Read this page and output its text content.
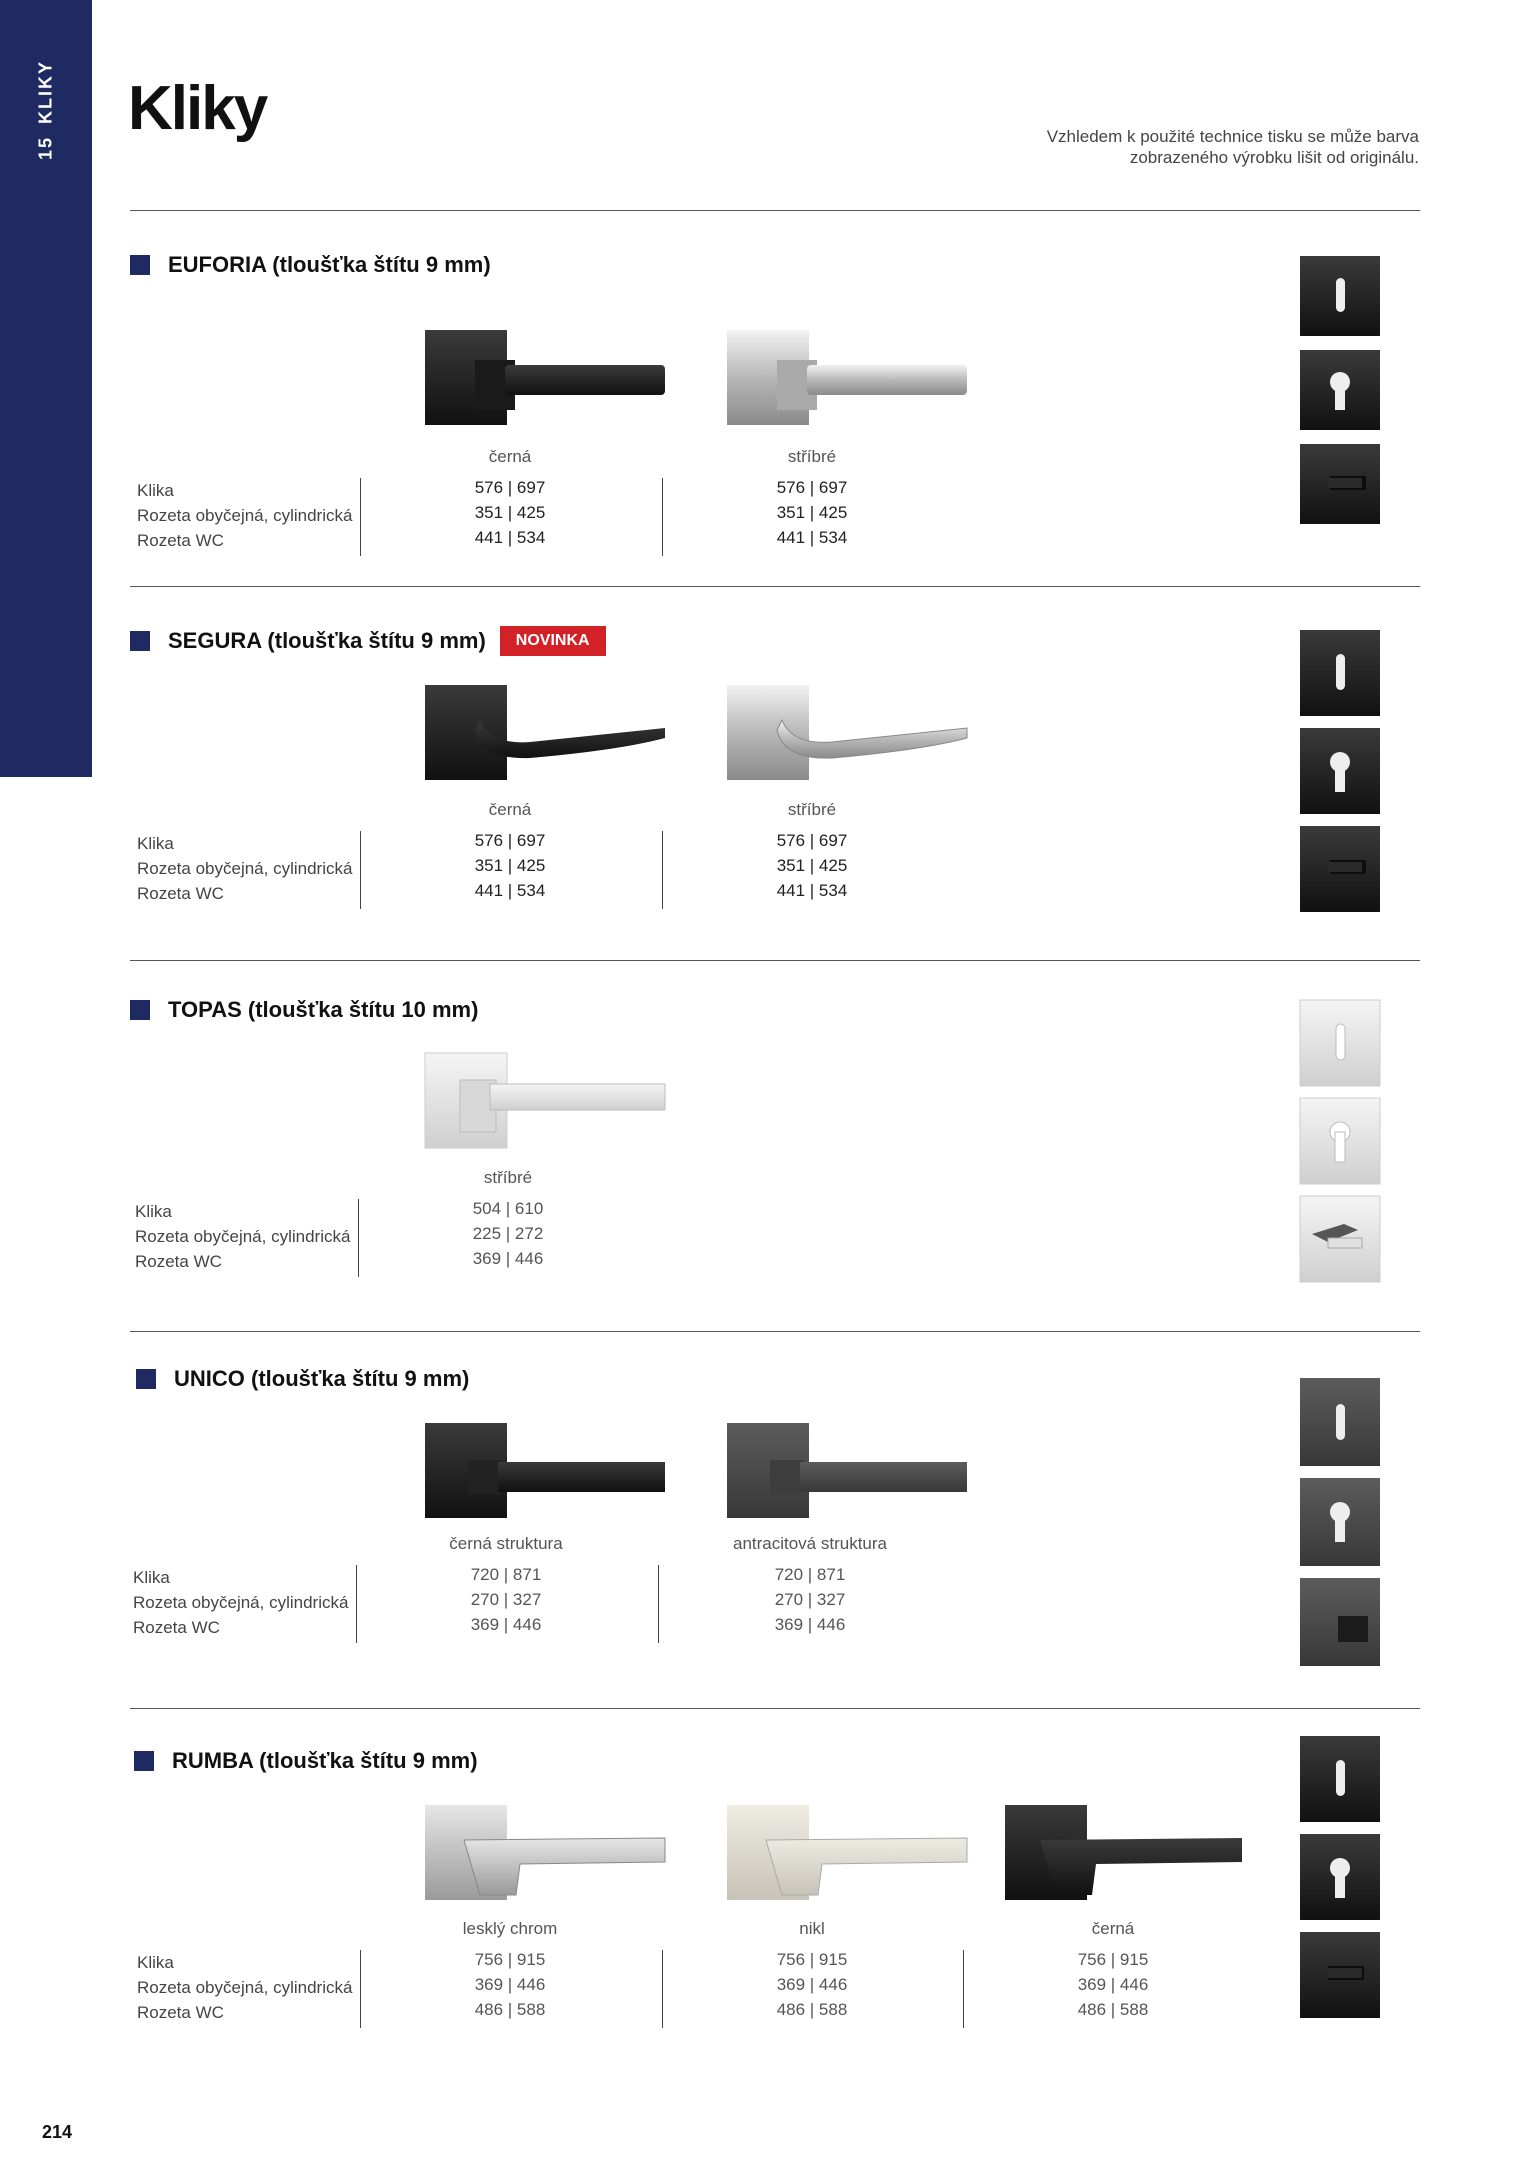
15KLIKY Kliky	Vzhledem k použité technice tisku se může barva
zobrazeného výrobku lišit od originálu.
EUFORIA (tloušťka štítu 9 mm)
Klika
Rozeta obyčejná, cylindrická
Rozeta WC
černá
576 | 697
351 | 425
441 | 534
stříbré
576 | 697
351 | 425
441 | 534
SEGURA (tloušťka štítu 9 mm)	NOVINKA
Klika
Rozeta obyčejná, cylindrická
Rozeta WC
černá
576 | 697
351 | 425
441 | 534
stříbré
576 | 697
351 | 425
441 | 534
TOPAS (tloušťka štítu 10 mm)
Klika
Rozeta obyčejná, cylindrická
Rozeta WC
stříbré
504 | 610
225 | 272
369 | 446
UNICO (tloušťka štítu 9 mm)
Klika
Rozeta obyčejná, cylindrická
Rozeta WC
černá struktura
720 | 871
270 | 327
369 | 446
antracitová struktura
720 | 871
270 | 327
369 | 446
RUMBA (tloušťka štítu 9 mm)
Klika
Rozeta obyčejná, cylindrická
Rozeta WC
lesklý chrom
756 | 915
369 | 446
486 | 588
nikl
756 | 915
369 | 446
486 | 588
černá
756 | 915
369 | 446
486 | 588
214
